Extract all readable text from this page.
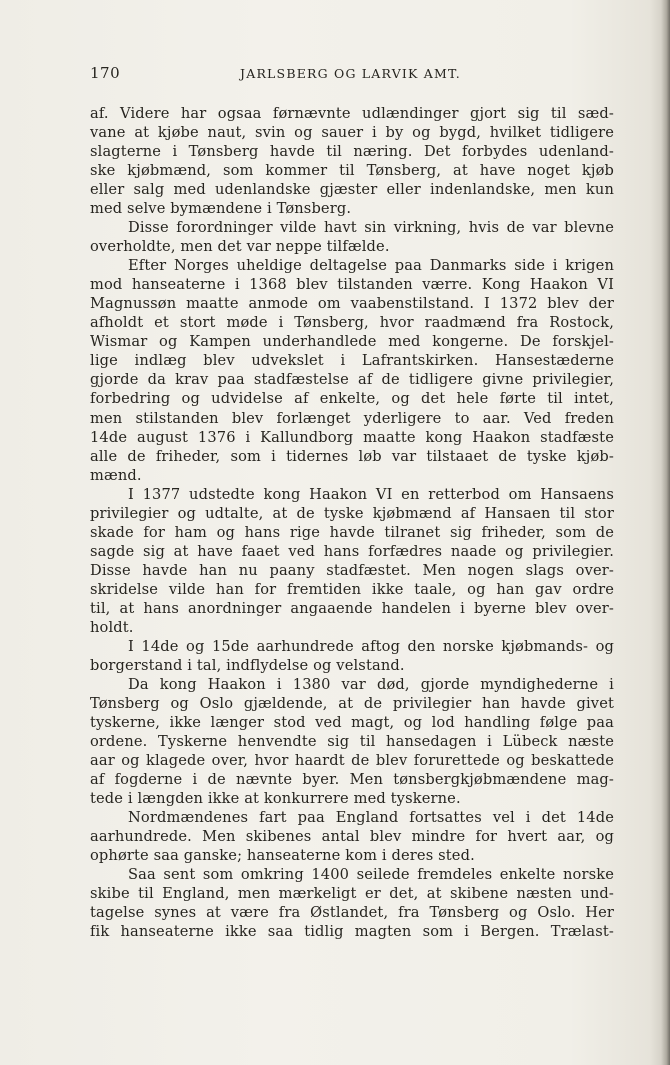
170	JARLSBERG OG LARVIK AMT.
af. Videre har ogsaa førnævnte udlændinger gjort sig til sæd-
vane at kjøbe naut, svin og sauer i by og bygd, hvilket tidligere
slagterne i Tønsberg havde til næring. Det forbydes udenland-
ske kjøbmænd, som kommer til Tønsberg, at have noget kjøb
eller salg med udenlandske gjæster eller indenlandske, men kun
med selve bymændene i Tønsberg.
Disse forordninger vilde havt sin virkning, hvis de var blevne
overholdte, men det var neppe tilfælde.
Efter Norges uheldige deltagelse paa Danmarks side i krigen
mod hanseaterne i 1368 blev tilstanden værre. Kong Haakon VI
Magnussøn maatte anmode om vaabenstilstand. I 1372 blev der
afholdt et stort møde i Tønsberg, hvor raadmænd fra Rostock,
Wismar og Kampen underhandlede med kongerne. De forskjel-
lige indlæg blev udvekslet i Lafrantskirken. Hansestæderne
gjorde da krav paa stadfæstelse af de tidligere givne privilegier,
forbedring og udvidelse af enkelte, og det hele førte til intet,
men stilstanden blev forlænget yderligere to aar. Ved freden
14de august 1376 i Kallundborg maatte kong Haakon stadfæste
alle de friheder, som i tidernes løb var tilstaaet de tyske kjøb-
mænd.
I 1377 udstedte kong Haakon VI en retterbod om Hansaens
privilegier og udtalte, at de tyske kjøbmænd af Hansaen til stor
skade for ham og hans rige havde tilranet sig friheder, som de
sagde sig at have faaet ved hans forfædres naade og privilegier.
Disse havde han nu paany stadfæstet. Men nogen slags over-
skridelse vilde han for fremtiden ikke taale, og han gav ordre
til, at hans anordninger angaaende handelen i byerne blev over-
holdt.
I 14de og 15de aarhundrede aftog den norske kjøbmands- og
borgerstand i tal, indflydelse og velstand.
Da kong Haakon i 1380 var død, gjorde myndighederne i
Tønsberg og Oslo gjældende, at de privilegier han havde givet
tyskerne, ikke længer stod ved magt, og lod handling følge paa
ordene. Tyskerne henvendte sig til hansedagen i Lübeck næste
aar og klagede over, hvor haardt de blev forurettede og beskattede
af fogderne i de nævnte byer. Men tønsbergkjøbmændene mag-
tede i længden ikke at konkurrere med tyskerne.
Nordmændenes fart paa England fortsattes vel i det 14de
aarhundrede. Men skibenes antal blev mindre for hvert aar, og
ophørte saa ganske; hanseaterne kom i deres sted.
Saa sent som omkring 1400 seilede fremdeles enkelte norske
skibe til England, men mærkeligt er det, at skibene næsten und-
tagelse synes at være fra Østlandet, fra Tønsberg og Oslo. Her
fik hanseaterne ikke saa tidlig magten som i Bergen. Trælast-
